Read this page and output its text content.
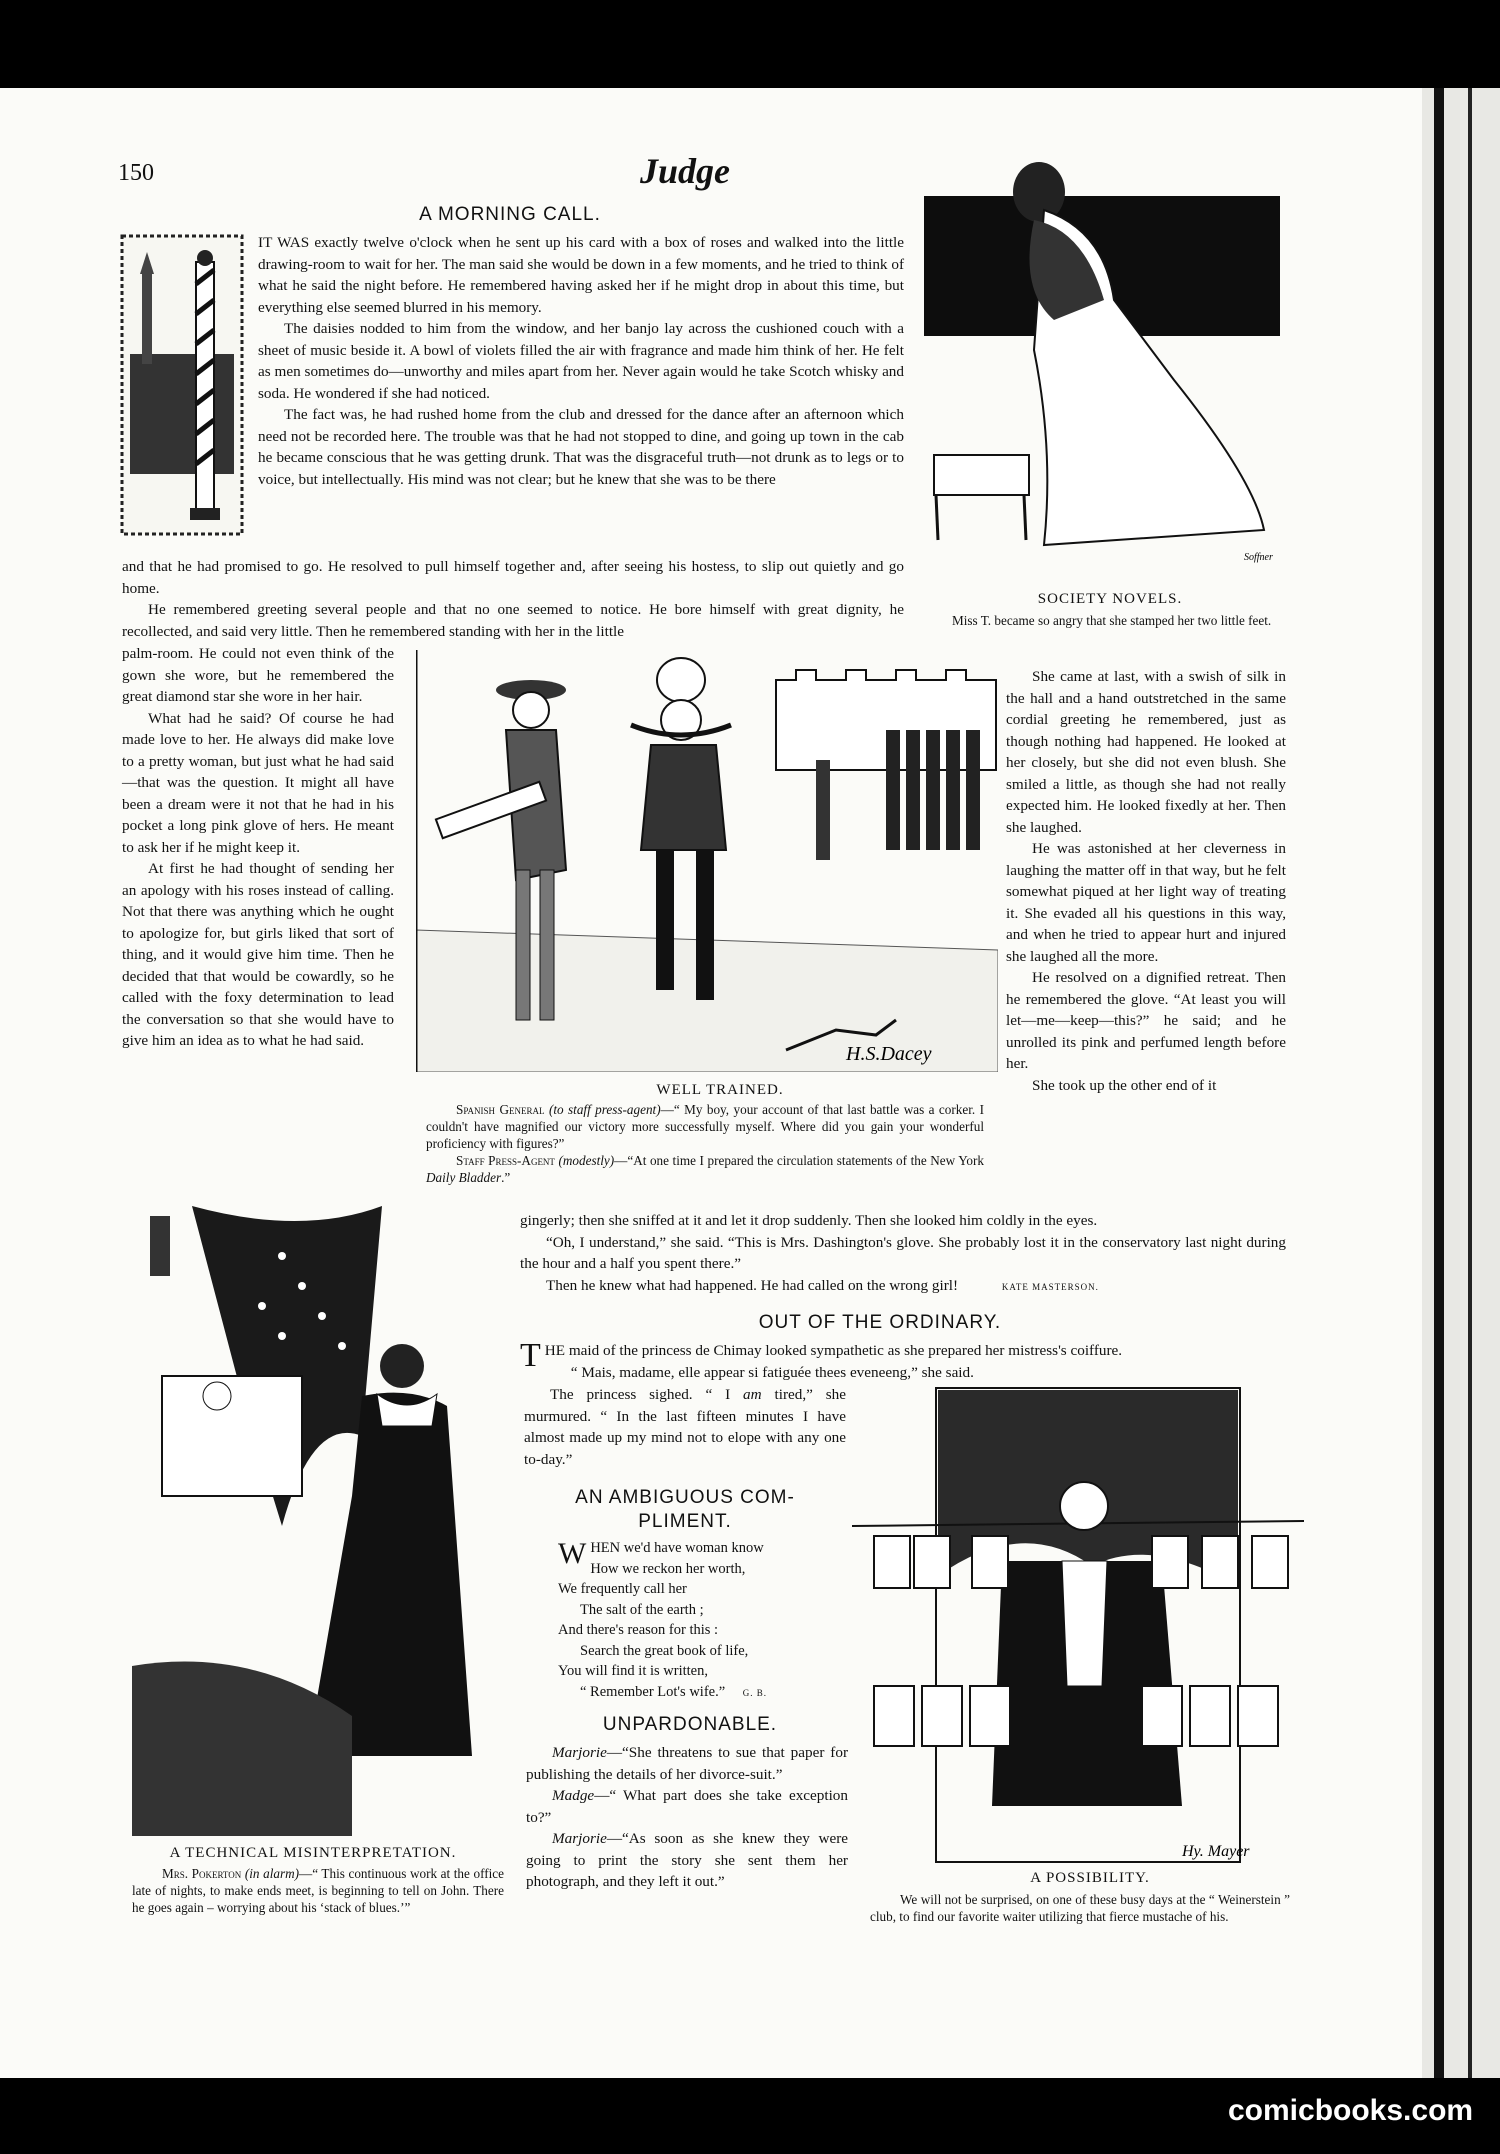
150	Judge
A MORNING CALL.

IT WAS exactly twelve o'clock when he sent up his card with a box of roses and walked into the little drawing-room to wait for her. The man said she would be down in a few moments, and he tried to think of what he said the night before. He remembered having asked her if he might drop in about this time, but everything else seemed blurred in his memory.

The daisies nodded to him from the window, and her banjo lay across the cushioned couch with a sheet of music beside it. A bowl of violets filled the air with fragrance and made him think of her. He felt as men sometimes do—unworthy and miles apart from her. Never again would he take Scotch whisky and soda. He wondered if she had noticed.

The fact was, he had rushed home from the club and dressed for the dance after an afternoon which need not be recorded here. The trouble was that he had not stopped to dine, and going up town in the cab he became conscious that he was getting drunk. That was the disgraceful truth—not drunk as to legs or to voice, but intellectually. His mind was not clear; but he knew that she was to be there

and that he had promised to go. He resolved to pull himself together and, after seeing his hostess, to slip out quietly and go home.

He remembered greeting several people and that no one seemed to notice. He bore himself with great dignity, he recollected, and said very little. Then he remembered standing with her in the little

Soffner
SOCIETY NOVELS.
Miss T. became so angry that she stamped her two little feet.

palm-room. He could not even think of the gown she wore, but he remembered the great diamond star she wore in her hair.

What had he said? Of course he had made love to her. He always did make love to a pretty woman, but just what he had said—that was the question. It might all have been a dream were it not that he had in his pocket a long pink glove of hers. He meant to ask her if he might keep it.

At first he had thought of sending her an apology with his roses instead of calling. Not that there was anything which he ought to apologize for, but girls liked that sort of thing, and it would give him time. Then he decided that that would be cowardly, so he called with the foxy determination to lead the conversation so that she would have to give him an idea as to what he had said.

H.S.Dacey
WELL TRAINED.
Spanish General (to staff press-agent)—“ My boy, your account of that last battle was a corker. I couldn't have magnified our victory more successfully myself. Where did you gain your wonderful proficiency with figures?”
Staff Press-Agent (modestly)—“At one time I prepared the circulation statements of the New York Daily Bladder.”

She came at last, with a swish of silk in the hall and a hand outstretched in the same cordial greeting he remembered, just as though nothing had happened. He looked at her closely, but she did not even blush. She smiled a little, as though she had not really expected him. He looked fixedly at her. Then she laughed.

He was astonished at her cleverness in laughing the matter off in that way, but he felt somewhat piqued at her light way of treating it. She evaded all his questions in this way, and when he tried to appear hurt and injured she laughed all the more.

He resolved on a dignified retreat. Then he remembered the glove. “At least you will let—me—keep—this?” he said; and he unrolled its pink and perfumed length before her.

She took up the other end of it

gingerly; then she sniffed at it and let it drop suddenly. Then she looked him coldly in the eyes.

“Oh, I understand,” she said. “This is Mrs. Dashington's glove. She probably lost it in the conservatory last night during the hour and a half you spent there.”

Then he knew what had happened. He had called on the wrong girl!	KATE MASTERSON.

A TECHNICAL MISINTERPRETATION.
Mrs. Pokerton (in alarm)—“ This continuous work at the office late of nights, to make ends meet, is beginning to tell on John. There he goes again – worrying about his ‘stack of blues.’”
OUT OF THE ORDINARY.

THE maid of the princess de Chimay looked sympathetic as she prepared her mistress's coiffure.

“ Mais, madame, elle appear si fatiguée thees eveneeng,” she said.

The princess sighed. “ I am tired,” she murmured. “ In the last fifteen minutes I have almost made up my mind not to elope with any one to-day.”

AN AMBIGUOUS COM-
PLIMENT.
WHEN we'd have woman know
How we reckon her worth,
We frequently call her
The salt of the earth ;
And there's reason for this :
Search the great book of life,
You will find it is written,
“ Remember Lot's wife.” G. B.
UNPARDONABLE.

Marjorie—“She threatens to sue that paper for publishing the details of her divorce-suit.”

Madge—“ What part does she take exception to?”

Marjorie—“As soon as she knew they were going to print the story she sent them her photograph, and they left it out.”

Hy. Mayer
A POSSIBILITY.
We will not be surprised, on one of these busy days at the “ Weinerstein ” club, to find our favorite waiter utilizing that fierce mustache of his.
comicbooks.com
